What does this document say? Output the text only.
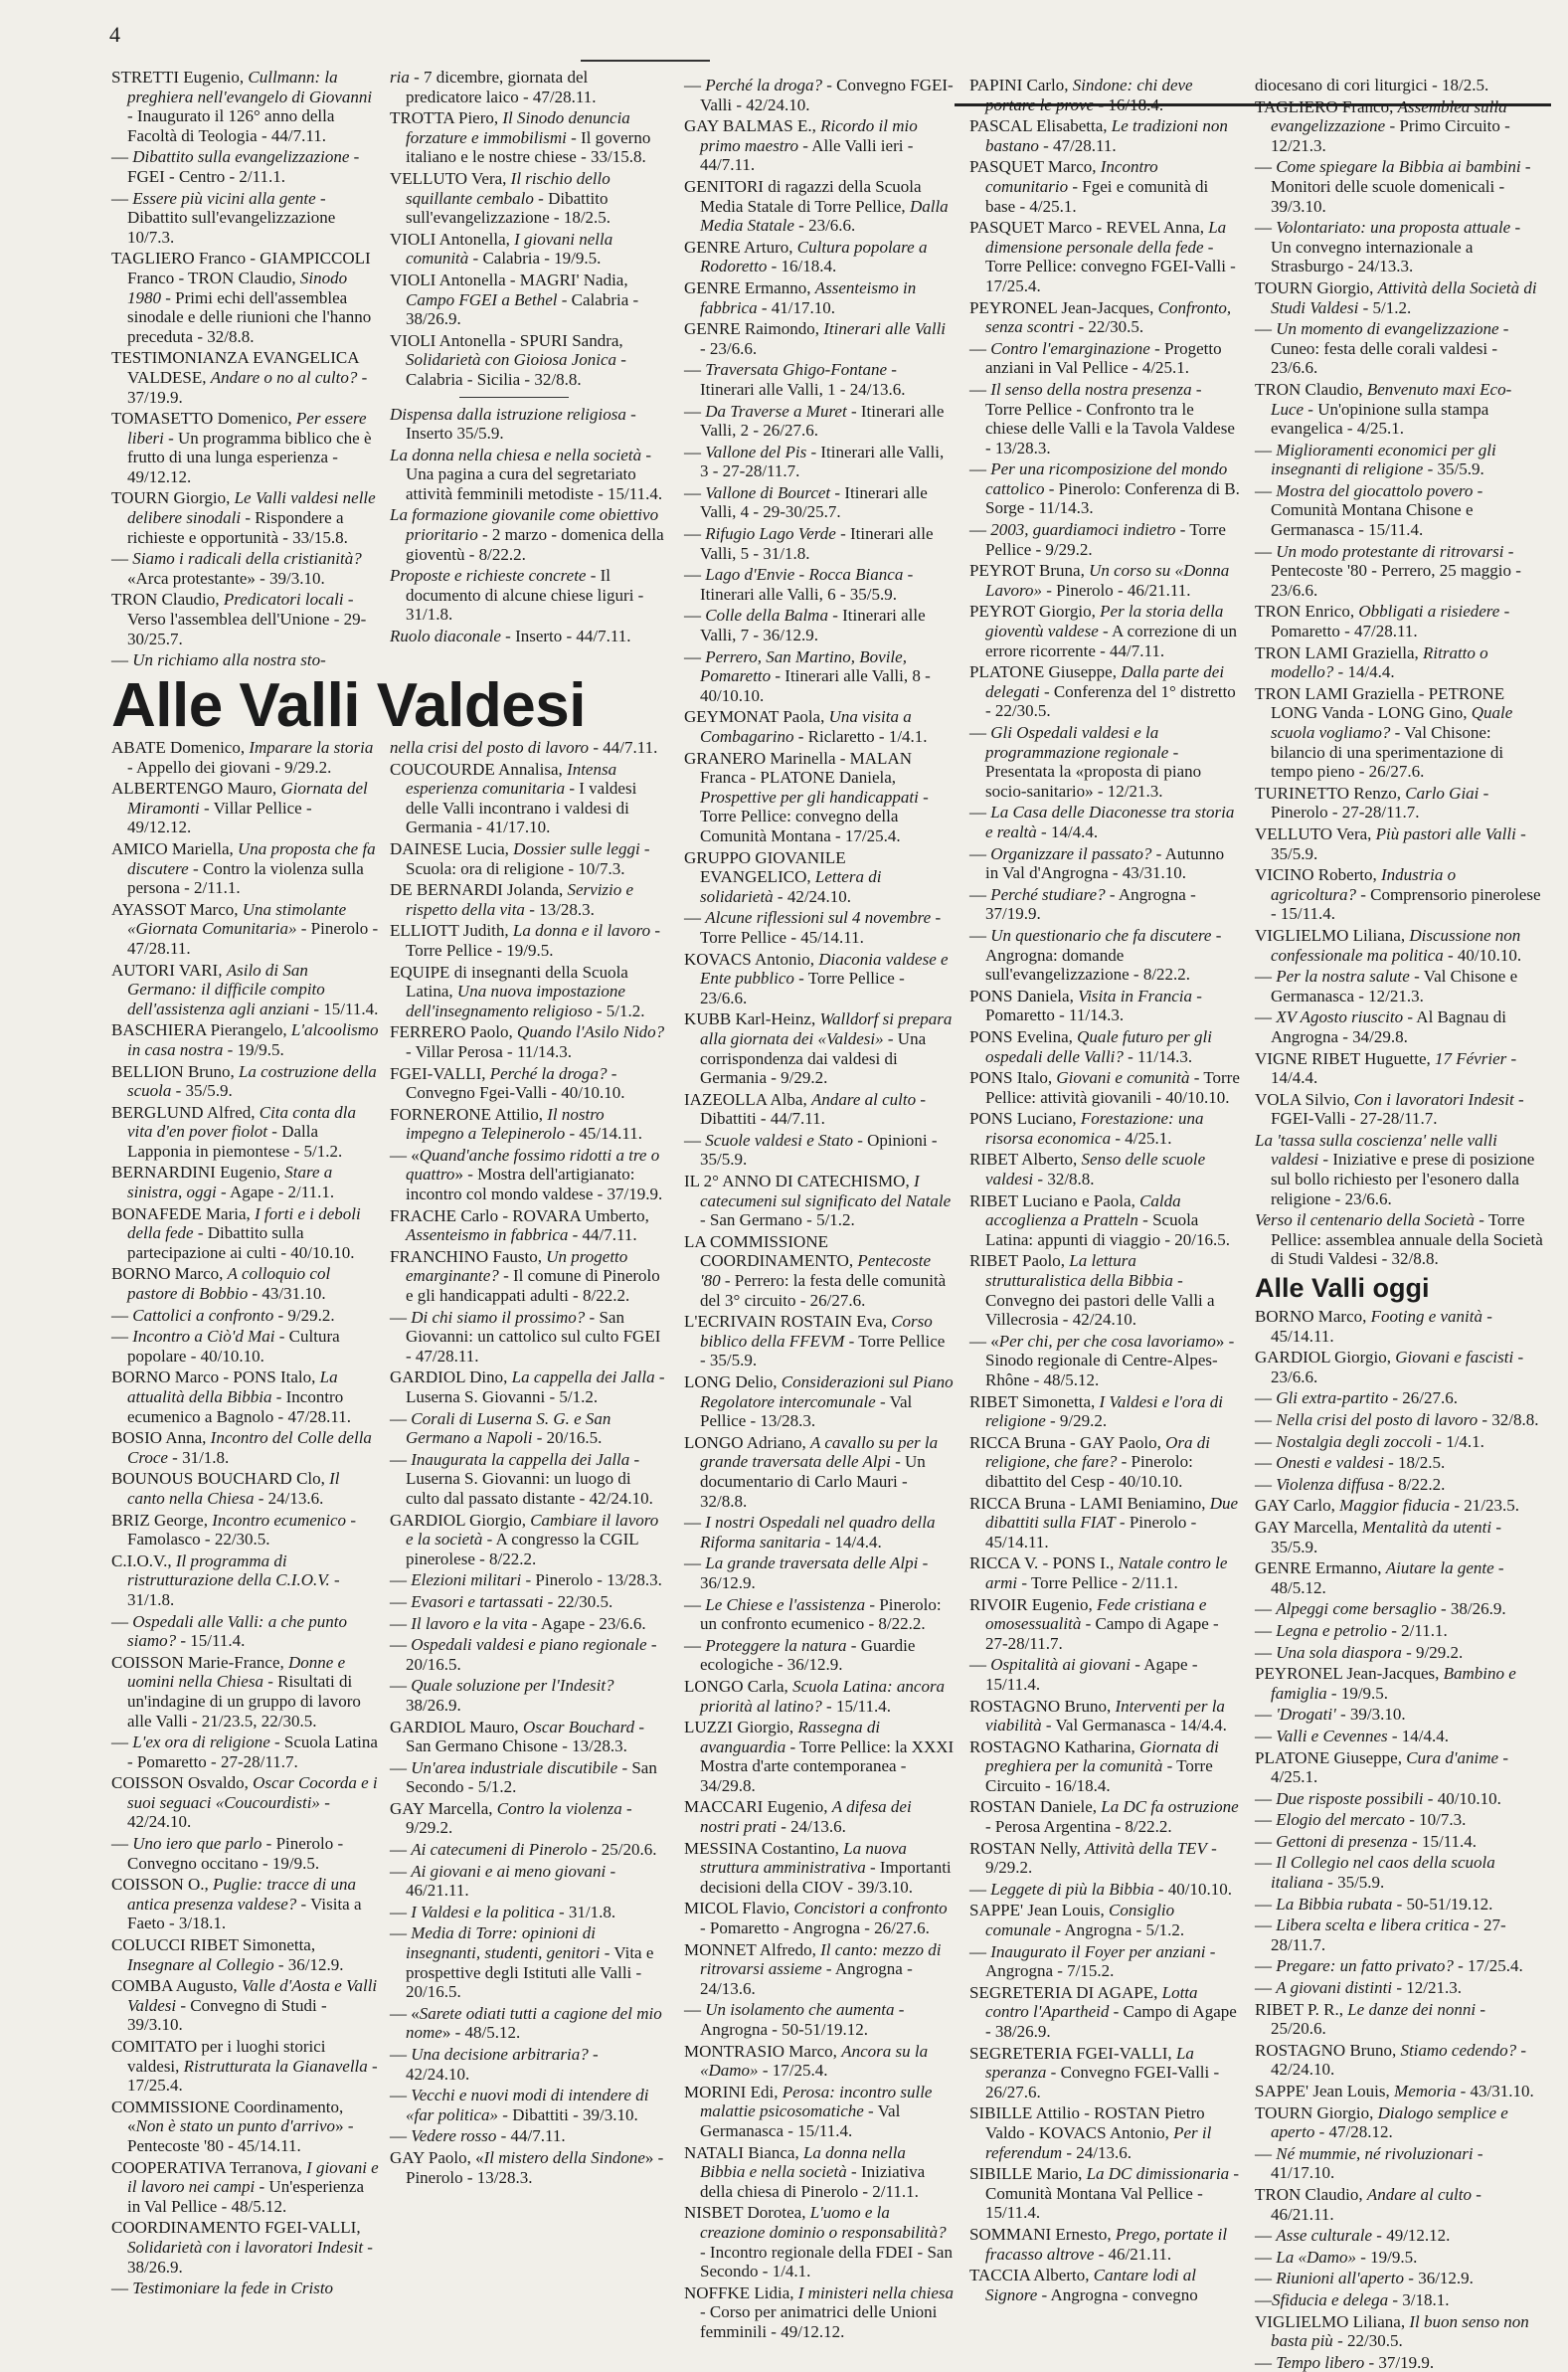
4
STRETTI Eugenio, Cullmann: la preghiera nell'evangelo di Giovanni - Inaugurato il 126° anno della Facoltà di Teologia - 44/7.11.
— Dibattito sulla evangelizzazione - FGEI - Centro - 2/11.1.
— Essere più vicini alla gente - Dibattito sull'evangelizzazione 10/7.3.
TAGLIERO Franco - GIAMPICCOLI Franco - TRON Claudio, Sinodo 1980 - Primi echi dell'assemblea sinodale e delle riunioni che l'hanno preceduta - 32/8.8.
TESTIMONIANZA EVANGELICA VALDESE, Andare o no al culto? - 37/19.9.
TOMASETTO Domenico, Per essere liberi - Un programma biblico che è frutto di una lunga esperienza - 49/12.12.
TOURN Giorgio, Le Valli valdesi nelle delibere sinodali - Rispondere a richieste e opportunità - 33/15.8.
— Siamo i radicali della cristianità? «Arca protestante» - 39/3.10.
TRON Claudio, Predicatori locali - Verso l'assemblea dell'Unione - 29-30/25.7.
— Un richiamo alla nostra sto-
ria - 7 dicembre, giornata del predicatore laico - 47/28.11.
TROTTA Piero, Il Sinodo denuncia forzature e immobilismi - Il governo italiano e le nostre chiese - 33/15.8.
VELLUTO Vera, Il rischio dello squillante cembalo - Dibattito sull'evangelizzazione - 18/2.5.
VIOLI Antonella, I giovani nella comunità - Calabria - 19/9.5.
VIOLI Antonella - MAGRI' Nadia, Campo FGEI a Bethel - Calabria - 38/26.9.
VIOLI Antonella - SPURI Sandra, Solidarietà con Gioiosa Jonica - Calabria - Sicilia - 32/8.8.
Dispensa dalla istruzione religiosa - Inserto 35/5.9.
La donna nella chiesa e nella società - Una pagina a cura del segretariato attività femminili metodiste - 15/11.4.
La formazione giovanile come obiettivo prioritario - 2 marzo - domenica della gioventù - 8/22.2.
Proposte e richieste concrete - Il documento di alcune chiese liguri - 31/1.8.
Ruolo diaconale - Inserto - 44/7.11.
Alle Valli Valdesi
ABATE Domenico, Imparare la storia - Appello dei giovani - 9/29.2.
ALBERTENGO Mauro, Giornata del Miramonti - Villar Pellice - 49/12.12.
AMICO Mariella, Una proposta che fa discutere - Contro la violenza sulla persona - 2/11.1.
AYASSOT Marco, Una stimolante «Giornata Comunitaria» - Pinerolo - 47/28.11.
AUTORI VARI, Asilo di San Germano: il difficile compito dell'assistenza agli anziani - 15/11.4.
BASCHIERA Pierangelo, L'alcoolismo in casa nostra - 19/9.5.
BELLION Bruno, La costruzione della scuola - 35/5.9.
BERGLUND Alfred, Cita conta dla vita d'en pover fiolot - Dalla Lapponia in piemontese - 5/1.2.
BERNARDINI Eugenio, Stare a sinistra, oggi - Agape - 2/11.1.
BONAFEDE Maria, I forti e i deboli della fede - Dibattito sulla partecipazione ai culti - 40/10.10.
BORNO Marco, A colloquio col pastore di Bobbio - 43/31.10.
— Cattolici a confronto - 9/29.2.
— Incontro a Ciò'd Mai - Cultura popolare - 40/10.10.
BORNO Marco - PONS Italo, La attualità della Bibbia - Incontro ecumenico a Bagnolo - 47/28.11.
BOSIO Anna, Incontro del Colle della Croce - 31/1.8.
BOUNOUS BOUCHARD Clo, Il canto nella Chiesa - 24/13.6.
BRIZ George, Incontro ecumenico - Famolasco - 22/30.5.
C.I.O.V., Il programma di ristrutturazione della C.I.O.V. - 31/1.8.
— Ospedali alle Valli: a che punto siamo? - 15/11.4.
COISSON Marie-France, Donne e uomini nella Chiesa - Risultati di un'indagine di un gruppo di lavoro alle Valli - 21/23.5, 22/30.5.
— L'ex ora di religione - Scuola Latina - Pomaretto - 27-28/11.7.
COISSON Osvaldo, Oscar Cocorda e i suoi seguaci «Coucourdisti» - 42/24.10.
— Uno iero que parlo - Pinerolo - Convegno occitano - 19/9.5.
COISSON O., Puglie: tracce di una antica presenza valdese? - Visita a Faeto - 3/18.1.
COLUCCI RIBET Simonetta, Insegnare al Collegio - 36/12.9.
COMBA Augusto, Valle d'Aosta e Valli Valdesi - Convegno di Studi - 39/3.10.
COMITATO per i luoghi storici valdesi, Ristrutturata la Gianavella - 17/25.4.
COMMISSIONE Coordinamento, «Non è stato un punto d'arrivo» - Pentecoste '80 - 45/14.11.
COOPERATIVA Terranova, I giovani e il lavoro nei campi - Un'esperienza in Val Pellice - 48/5.12.
COORDINAMENTO FGEI-VALLI, Solidarietà con i lavoratori Indesit - 38/26.9.
— Testimoniare la fede in Cristo
nella crisi del posto di lavoro - 44/7.11.
COUCOURDE Annalisa, Intensa esperienza comunitaria - I valdesi delle Valli incontrano i valdesi di Germania - 41/17.10.
DAINESE Lucia, Dossier sulle leggi - Scuola: ora di religione - 10/7.3.
DE BERNARDI Jolanda, Servizio e rispetto della vita - 13/28.3.
ELLIOTT Judith, La donna e il lavoro - Torre Pellice - 19/9.5.
EQUIPE di insegnanti della Scuola Latina, Una nuova impostazione dell'insegnamento religioso - 5/1.2.
FERRERO Paolo, Quando l'Asilo Nido? - Villar Perosa - 11/14.3.
FGEI-VALLI, Perché la droga? - Convegno Fgei-Valli - 40/10.10.
FORNERONE Attilio, Il nostro impegno a Telepinerolo - 45/14.11.
— «Quand'anche fossimo ridotti a tre o quattro» - Mostra dell'artigianato: incontro col mondo valdese - 37/19.9.
FRACHE Carlo - ROVARA Umberto, Assenteismo in fabbrica - 44/7.11.
FRANCHINO Fausto, Un progetto emarginante? - Il comune di Pinerolo e gli handicappati adulti - 8/22.2.
— Di chi siamo il prossimo? - San Giovanni: un cattolico sul culto FGEI - 47/28.11.
GARDIOL Dino, La cappella dei Jalla - Luserna S. Giovanni - 5/1.2.
— Corali di Luserna S. G. e San Germano a Napoli - 20/16.5.
— Inaugurata la cappella dei Jalla - Luserna S. Giovanni: un luogo di culto dal passato distante - 42/24.10.
GARDIOL Giorgio, Cambiare il lavoro e la società - A congresso la CGIL pinerolese - 8/22.2.
— Elezioni militari - Pinerolo - 13/28.3.
— Evasori e tartassati - 22/30.5.
— Il lavoro e la vita - Agape - 23/6.6.
— Ospedali valdesi e piano regionale - 20/16.5.
— Quale soluzione per l'Indesit? 38/26.9.
GARDIOL Mauro, Oscar Bouchard - San Germano Chisone - 13/28.3.
— Un'area industriale discutibile - San Secondo - 5/1.2.
GAY Marcella, Contro la violenza - 9/29.2.
— Ai catecumeni di Pinerolo - 25/20.6.
— Ai giovani e ai meno giovani - 46/21.11.
— I Valdesi e la politica - 31/1.8.
— Media di Torre: opinioni di insegnanti, studenti, genitori - Vita e prospettive degli Istituti alle Valli - 20/16.5.
— «Sarete odiati tutti a cagione del mio nome» - 48/5.12.
— Una decisione arbitraria? - 42/24.10.
— Vecchi e nuovi modi di intendere di «far politica» - Dibattiti - 39/3.10.
— Vedere rosso - 44/7.11.
GAY Paolo, «Il mistero della Sindone» - Pinerolo - 13/28.3.
— Perché la droga? - Convegno FGEI-Valli - 42/24.10.
GAY BALMAS E., Ricordo il mio primo maestro - Alle Valli ieri - 44/7.11.
GENITORI di ragazzi della Scuola Media Statale di Torre Pellice, Dalla Media Statale - 23/6.6.
GENRE Arturo, Cultura popolare a Rodoretto - 16/18.4.
GENRE Ermanno, Assenteismo in fabbrica - 41/17.10.
GENRE Raimondo, Itinerari alle Valli - 23/6.6.
— Traversata Ghigo-Fontane - Itinerari alle Valli, 1 - 24/13.6.
— Da Traverse a Muret - Itinerari alle Valli, 2 - 26/27.6.
— Vallone del Pis - Itinerari alle Valli, 3 - 27-28/11.7.
— Vallone di Bourcet - Itinerari alle Valli, 4 - 29-30/25.7.
— Rifugio Lago Verde - Itinerari alle Valli, 5 - 31/1.8.
— Lago d'Envie - Rocca Bianca - Itinerari alle Valli, 6 - 35/5.9.
— Colle della Balma - Itinerari alle Valli, 7 - 36/12.9.
— Perrero, San Martino, Bovile, Pomaretto - Itinerari alle Valli, 8 - 40/10.10.
GEYMONAT Paola, Una visita a Combagarino - Riclaretto - 1/4.1.
GRANERO Marinella - MALAN Franca - PLATONE Daniela, Prospettive per gli handicappati - Torre Pellice: convegno della Comunità Montana - 17/25.4.
GRUPPO GIOVANILE EVANGELICO, Lettera di solidarietà - 42/24.10.
— Alcune riflessioni sul 4 novembre - Torre Pellice - 45/14.11.
KOVACS Antonio, Diaconia valdese e Ente pubblico - Torre Pellice - 23/6.6.
KUBB Karl-Heinz, Walldorf si prepara alla giornata dei «Valdesi» - Una corrispondenza dai valdesi di Germania - 9/29.2.
IAZEOLLA Alba, Andare al culto - Dibattiti - 44/7.11.
— Scuole valdesi e Stato - Opinioni - 35/5.9.
IL 2° ANNO DI CATECHISMO, I catecumeni sul significato del Natale - San Germano - 5/1.2.
LA COMMISSIONE COORDINAMENTO, Pentecoste '80 - Perrero: la festa delle comunità del 3° circuito - 26/27.6.
L'ECRIVAIN ROSTAIN Eva, Corso biblico della FFEVM - Torre Pellice - 35/5.9.
LONG Delio, Considerazioni sul Piano Regolatore intercomunale - Val Pellice - 13/28.3.
LONGO Adriano, A cavallo su per la grande traversata delle Alpi - Un documentario di Carlo Mauri - 32/8.8.
— I nostri Ospedali nel quadro della Riforma sanitaria - 14/4.4.
— La grande traversata delle Alpi - 36/12.9.
— Le Chiese e l'assistenza - Pinerolo: un confronto ecumenico - 8/22.2.
— Proteggere la natura - Guardie ecologiche - 36/12.9.
LONGO Carla, Scuola Latina: ancora priorità al latino? - 15/11.4.
LUZZI Giorgio, Rassegna di avanguardia - Torre Pellice: la XXXI Mostra d'arte contemporanea - 34/29.8.
MACCARI Eugenio, A difesa dei nostri prati - 24/13.6.
MESSINA Costantino, La nuova struttura amministrativa - Importanti decisioni della CIOV - 39/3.10.
MICOL Flavio, Concistori a confronto - Pomaretto - Angrogna - 26/27.6.
MONNET Alfredo, Il canto: mezzo di ritrovarsi assieme - Angrogna - 24/13.6.
— Un isolamento che aumenta - Angrogna - 50-51/19.12.
MONTRASIO Marco, Ancora su la «Damo» - 17/25.4.
MORINI Edi, Perosa: incontro sulle malattie psicosomatiche - Val Germanasca - 15/11.4.
NATALI Bianca, La donna nella Bibbia e nella società - Iniziativa della chiesa di Pinerolo - 2/11.1.
NISBET Dorotea, L'uomo e la creazione dominio o responsabilità? - Incontro regionale della FDEI - San Secondo - 1/4.1.
NOFFKE Lidia, I ministeri nella chiesa - Corso per animatrici delle Unioni femminili - 49/12.12.
PAPINI Carlo, Sindone: chi deve portare le prove - 16/18.4.
PASCAL Elisabetta, Le tradizioni non bastano - 47/28.11.
PASQUET Marco, Incontro comunitario - Fgei e comunità di base - 4/25.1.
PASQUET Marco - REVEL Anna, La dimensione personale della fede - Torre Pellice: convegno FGEI-Valli - 17/25.4.
PEYRONEL Jean-Jacques, Confronto, senza scontri - 22/30.5.
— Contro l'emarginazione - Progetto anziani in Val Pellice - 4/25.1.
— Il senso della nostra presenza - Torre Pellice - Confronto tra le chiese delle Valli e la Tavola Valdese - 13/28.3.
— Per una ricomposizione del mondo cattolico - Pinerolo: Conferenza di B. Sorge - 11/14.3.
— 2003, guardiamoci indietro - Torre Pellice - 9/29.2.
PEYROT Bruna, Un corso su «Donna Lavoro» - Pinerolo - 46/21.11.
PEYROT Giorgio, Per la storia della gioventù valdese - A correzione di un errore ricorrente - 44/7.11.
PLATONE Giuseppe, Dalla parte dei delegati - Conferenza del 1° distretto - 22/30.5.
— Gli Ospedali valdesi e la programmazione regionale - Presentata la «proposta di piano socio-sanitario» - 12/21.3.
— La Casa delle Diaconesse tra storia e realtà - 14/4.4.
— Organizzare il passato? - Autunno in Val d'Angrogna - 43/31.10.
— Perché studiare? - Angrogna - 37/19.9.
— Un questionario che fa discutere - Angrogna: domande sull'evangelizzazione - 8/22.2.
PONS Daniela, Visita in Francia - Pomaretto - 11/14.3.
PONS Evelina, Quale futuro per gli ospedali delle Valli? - 11/14.3.
PONS Italo, Giovani e comunità - Torre Pellice: attività giovanili - 40/10.10.
PONS Luciano, Forestazione: una risorsa economica - 4/25.1.
RIBET Alberto, Senso delle scuole valdesi - 32/8.8.
RIBET Luciano e Paola, Calda accoglienza a Pratteln - Scuola Latina: appunti di viaggio - 20/16.5.
RIBET Paolo, La lettura strutturalistica della Bibbia - Convegno dei pastori delle Valli a Villecrosia - 42/24.10.
— «Per chi, per che cosa lavoriamo» - Sinodo regionale di Centre-Alpes-Rhône - 48/5.12.
RIBET Simonetta, I Valdesi e l'ora di religione - 9/29.2.
RICCA Bruna - GAY Paolo, Ora di religione, che fare? - Pinerolo: dibattito del Cesp - 40/10.10.
RICCA Bruna - LAMI Beniamino, Due dibattiti sulla FIAT - Pinerolo - 45/14.11.
RICCA V. - PONS I., Natale contro le armi - Torre Pellice - 2/11.1.
RIVOIR Eugenio, Fede cristiana e omosessualità - Campo di Agape - 27-28/11.7.
— Ospitalità ai giovani - Agape - 15/11.4.
ROSTAGNO Bruno, Interventi per la viabilità - Val Germanasca - 14/4.4.
ROSTAGNO Katharina, Giornata di preghiera per la comunità - Torre Circuito - 16/18.4.
ROSTAN Daniele, La DC fa ostruzione - Perosa Argentina - 8/22.2.
ROSTAN Nelly, Attività della TEV - 9/29.2.
— Leggete di più la Bibbia - 40/10.10.
SAPPE' Jean Louis, Consiglio comunale - Angrogna - 5/1.2.
— Inaugurato il Foyer per anziani - Angrogna - 7/15.2.
SEGRETERIA DI AGAPE, Lotta contro l'Apartheid - Campo di Agape - 38/26.9.
SEGRETERIA FGEI-VALLI, La speranza - Convegno FGEI-Valli - 26/27.6.
SIBILLE Attilio - ROSTAN Pietro Valdo - KOVACS Antonio, Per il referendum - 24/13.6.
SIBILLE Mario, La DC dimissionaria - Comunità Montana Val Pellice - 15/11.4.
SOMMANI Ernesto, Prego, portate il fracasso altrove - 46/21.11.
TACCIA Alberto, Cantare lodi al Signore - Angrogna - convegno
diocesano di cori liturgici - 18/2.5.
TAGLIERO Franco, Assemblea sulla evangelizzazione - Primo Circuito - 12/21.3.
— Come spiegare la Bibbia ai bambini - Monitori delle scuole domenicali - 39/3.10.
— Volontariato: una proposta attuale - Un convegno internazionale a Strasburgo - 24/13.3.
TOURN Giorgio, Attività della Società di Studi Valdesi - 5/1.2.
— Un momento di evangelizzazione - Cuneo: festa delle corali valdesi - 23/6.6.
TRON Claudio, Benvenuto maxi Eco-Luce - Un'opinione sulla stampa evangelica - 4/25.1.
— Miglioramenti economici per gli insegnanti di religione - 35/5.9.
— Mostra del giocattolo povero - Comunità Montana Chisone e Germanasca - 15/11.4.
— Un modo protestante di ritrovarsi - Pentecoste '80 - Perrero, 25 maggio - 23/6.6.
TRON Enrico, Obbligati a risiedere - Pomaretto - 47/28.11.
TRON LAMI Graziella, Ritratto o modello? - 14/4.4.
TRON LAMI Graziella - PETRONE LONG Vanda - LONG Gino, Quale scuola vogliamo? - Val Chisone: bilancio di una sperimentazione di tempo pieno - 26/27.6.
TURINETTO Renzo, Carlo Giai - Pinerolo - 27-28/11.7.
VELLUTO Vera, Più pastori alle Valli - 35/5.9.
VICINO Roberto, Industria o agricoltura? - Comprensorio pinerolese - 15/11.4.
VIGLIELMO Liliana, Discussione non confessionale ma politica - 40/10.10.
— Per la nostra salute - Val Chisone e Germanasca - 12/21.3.
— XV Agosto riuscito - Al Bagnau di Angrogna - 34/29.8.
VIGNE RIBET Huguette, 17 Février - 14/4.4.
VOLA Silvio, Con i lavoratori Indesit - FGEI-Valli - 27-28/11.7.
La 'tassa sulla coscienza' nelle valli valdesi - Iniziative e prese di posizione sul bollo richiesto per l'esonero dalla religione - 23/6.6.
Verso il centenario della Società - Torre Pellice: assemblea annuale della Società di Studi Valdesi - 32/8.8.
Alle Valli oggi
BORNO Marco, Footing e vanità - 45/14.11.
GARDIOL Giorgio, Giovani e fascisti - 23/6.6.
— Gli extra-partito - 26/27.6.
— Nella crisi del posto di lavoro - 32/8.8.
— Nostalgia degli zoccoli - 1/4.1.
— Onesti e valdesi - 18/2.5.
— Violenza diffusa - 8/22.2.
GAY Carlo, Maggior fiducia - 21/23.5.
GAY Marcella, Mentalità da utenti - 35/5.9.
GENRE Ermanno, Aiutare la gente - 48/5.12.
— Alpeggi come bersaglio - 38/26.9.
— Legna e petrolio - 2/11.1.
— Una sola diaspora - 9/29.2.
PEYRONEL Jean-Jacques, Bambino e famiglia - 19/9.5.
— 'Drogati' - 39/3.10.
— Valli e Cevennes - 14/4.4.
PLATONE Giuseppe, Cura d'anime - 4/25.1.
— Due risposte possibili - 40/10.10.
— Elogio del mercato - 10/7.3.
— Gettoni di presenza - 15/11.4.
— Il Collegio nel caos della scuola italiana - 35/5.9.
— La Bibbia rubata - 50-51/19.12.
— Libera scelta e libera critica - 27-28/11.7.
— Pregare: un fatto privato? - 17/25.4.
— A giovani distinti - 12/21.3.
RIBET P. R., Le danze dei nonni - 25/20.6.
ROSTAGNO Bruno, Stiamo cedendo? - 42/24.10.
SAPPE' Jean Louis, Memoria - 43/31.10.
TOURN Giorgio, Dialogo semplice e aperto - 47/28.12.
— Né mummie, né rivoluzionari - 41/17.10.
TRON Claudio, Andare al culto - 46/21.11.
— Asse culturale - 49/12.12.
— La «Damo» - 19/9.5.
— Riunioni all'aperto - 36/12.9.
—Sfiducia e delega - 3/18.1.
VIGLIELMO Liliana, Il buon senso non basta più - 22/30.5.
— Tempo libero - 37/19.9.
